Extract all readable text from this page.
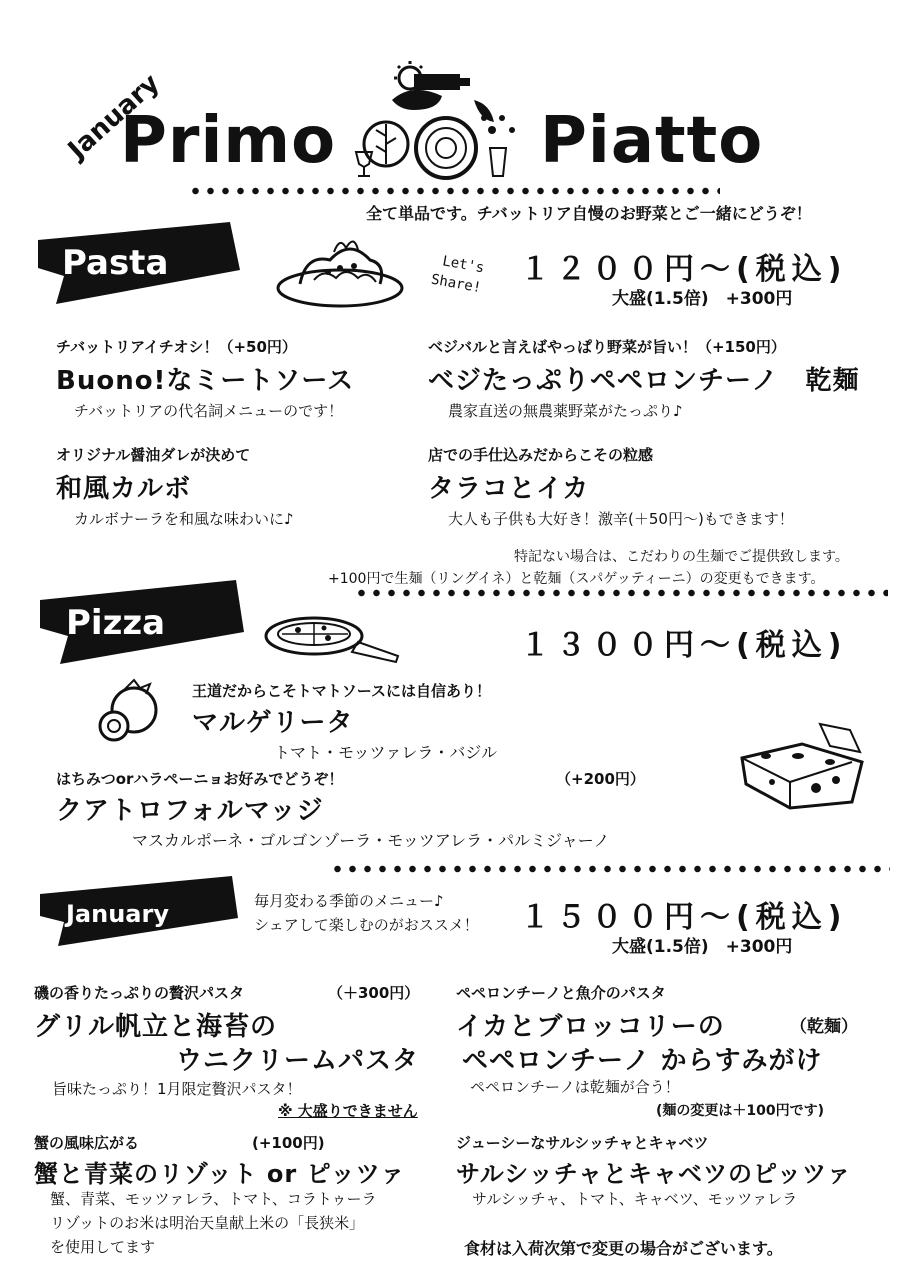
January
Primo	Piatto
全て単品です。チバットリア自慢のお野菜とご一緒にどうぞ！
Pasta	Let's
Share! １２００円〜(税込)
大盛(1.5倍)　+300円
チバットリアイチオシ！（+50円）
Buono!なミートソース
チバットリアの代名詞メニューのです！
ベジバルと言えばやっぱり野菜が旨い！（+150円）
ベジたっぷりペペロンチーノ　乾麺
農家直送の無農薬野菜がたっぷり♪
オリジナル醤油ダレが決めて
和風カルボ
カルボナーラを和風な味わいに♪
店での手仕込みだからこその粒感
タラコとイカ
大人も子供も大好き！激辛(＋50円〜)もできます！
特記ない場合は、こだわりの生麺でご提供致します。
+100円で生麺（リングイネ）と乾麺（スパゲッティーニ）の変更もできます。
Pizza
１３００円〜(税込)
王道だからこそトマトソースには自信あり！
マルゲリータ
トマト・モッツァレラ・バジル
はちみつorハラペーニョお好みでどうぞ！	（+200円）
クアトロフォルマッジ
マスカルポーネ・ゴルゴンゾーラ・モッツアレラ・パルミジャーノ
January	毎月変わる季節のメニュー♪
シェアして楽しむのがおススメ！ １５００円〜(税込)
大盛(1.5倍)　+300円
磯の香りたっぷりの贅沢パスタ	（＋300円）
グリル帆立と海苔の
ウニクリームパスタ
旨味たっぷり！1月限定贅沢パスタ！
※ 大盛りできません
ペペロンチーノと魚介のパスタ
（乾麺）
イカとブロッコリーの
ペペロンチーノ からすみがけ
ペペロンチーノは乾麺が合う！
(麺の変更は＋100円です)
蟹の風味広がる	(+100円)
蟹と青菜のリゾット or ピッツァ
蟹、青菜、モッツァレラ、トマト、コラトゥーラ
リゾットのお米は明治天皇献上米の「長狭米」
を使用してます
ジューシーなサルシッチャとキャベツ
サルシッチャとキャベツのピッツァ
サルシッチャ、トマト、キャベツ、モッツァレラ
食材は入荷次第で変更の場合がございます。
